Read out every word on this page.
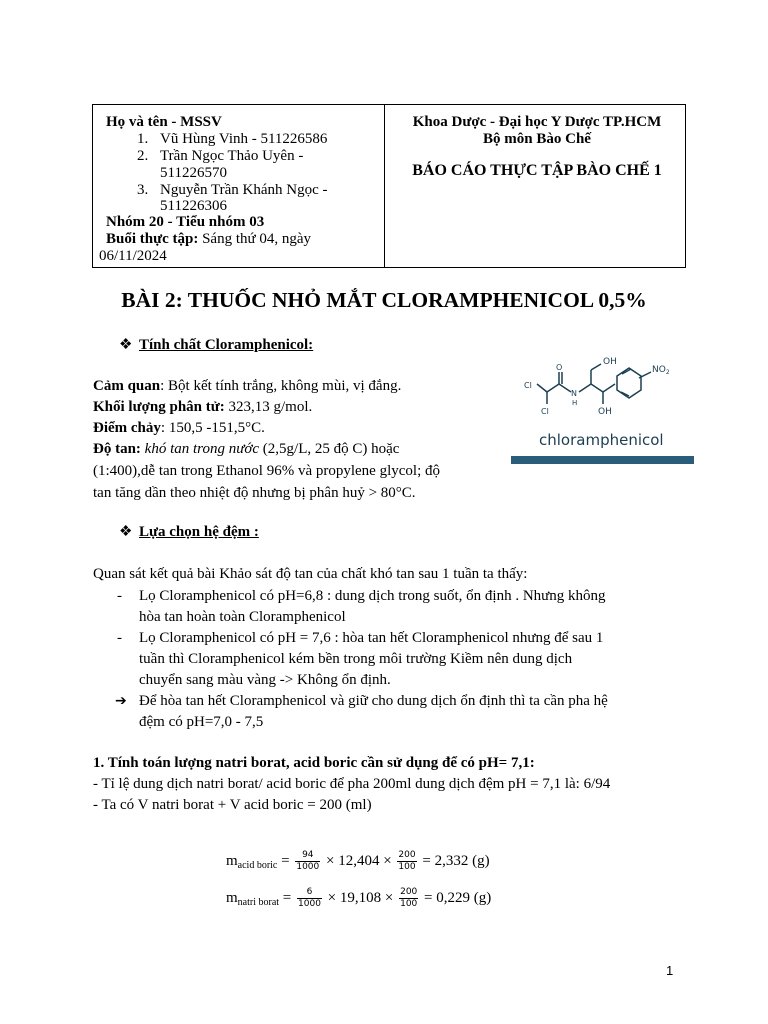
Họ và tên - MSSV
1. Vũ Hùng Vinh - 511226586
2. Trần Ngọc Thảo Uyên -
511226570
3. Nguyễn Trần Khánh Ngọc -
511226306
Nhóm 20 - Tiểu nhóm 03
Buổi thực tập: Sáng thứ 04, ngày
06/11/2024
Khoa Dược - Đại học Y Dược TP.HCM
Bộ môn Bào Chế
BÁO CÁO THỰC TẬP BÀO CHẾ 1
BÀI 2: THUỐC NHỎ MẮT CLORAMPHENICOL 0,5%
❖ Tính chất Cloramphenicol:
Cảm quan: Bột kết tính trắng, không mùi, vị đắng.
Khối lượng phân tử: 323,13 g/mol.
Điểm chảy: 150,5 -151,5°C.
Độ tan: khó tan trong nước (2,5g/L, 25 độ C) hoặc
(1:400),dễ tan trong Ethanol 96% và propylene glycol; độ
tan tăng dần theo nhiệt độ nhưng bị phân huỷ > 80°C.
OH
OH
$NO_2$
Cl
Cl
O
N
H
chloramphenicol
❖ Lựa chọn hệ đệm :
Quan sát kết quả bài Khảo sát độ tan của chất khó tan sau 1 tuần ta thấy:
- Lọ Cloramphenicol có pH=6,8 : dung dịch trong suốt, ổn định . Nhưng không
hòa tan hoàn toàn Cloramphenicol
- Lọ Cloramphenicol có pH = 7,6 : hòa tan hết Cloramphenicol nhưng để sau 1
tuần thì Cloramphenicol kém bền trong môi trường Kiềm nên dung dịch
chuyển sang màu vàng -> Không ổn định.
➔ Để hòa tan hết Cloramphenicol và giữ cho dung dịch ổn định thì ta cần pha hệ
đệm có pH=7,0 - 7,5
1. Tính toán lượng natri borat, acid boric cần sử dụng để có pH= 7,1:
- Tỉ lệ dung dịch natri borat/ acid boric để pha 200ml dung dịch đệm pH = 7,1 là: 6/94
- Ta có V natri borat + V acid boric = 200 (ml)
$m_{acid boric} = \frac{94}{1000} \times 12,404 \times \frac{200}{100} = 2,332$ (g)
$m_{natri borat} = \frac{6}{1000} \times 19,108 \times \frac{200}{100} = 0,229$ (g)
1
